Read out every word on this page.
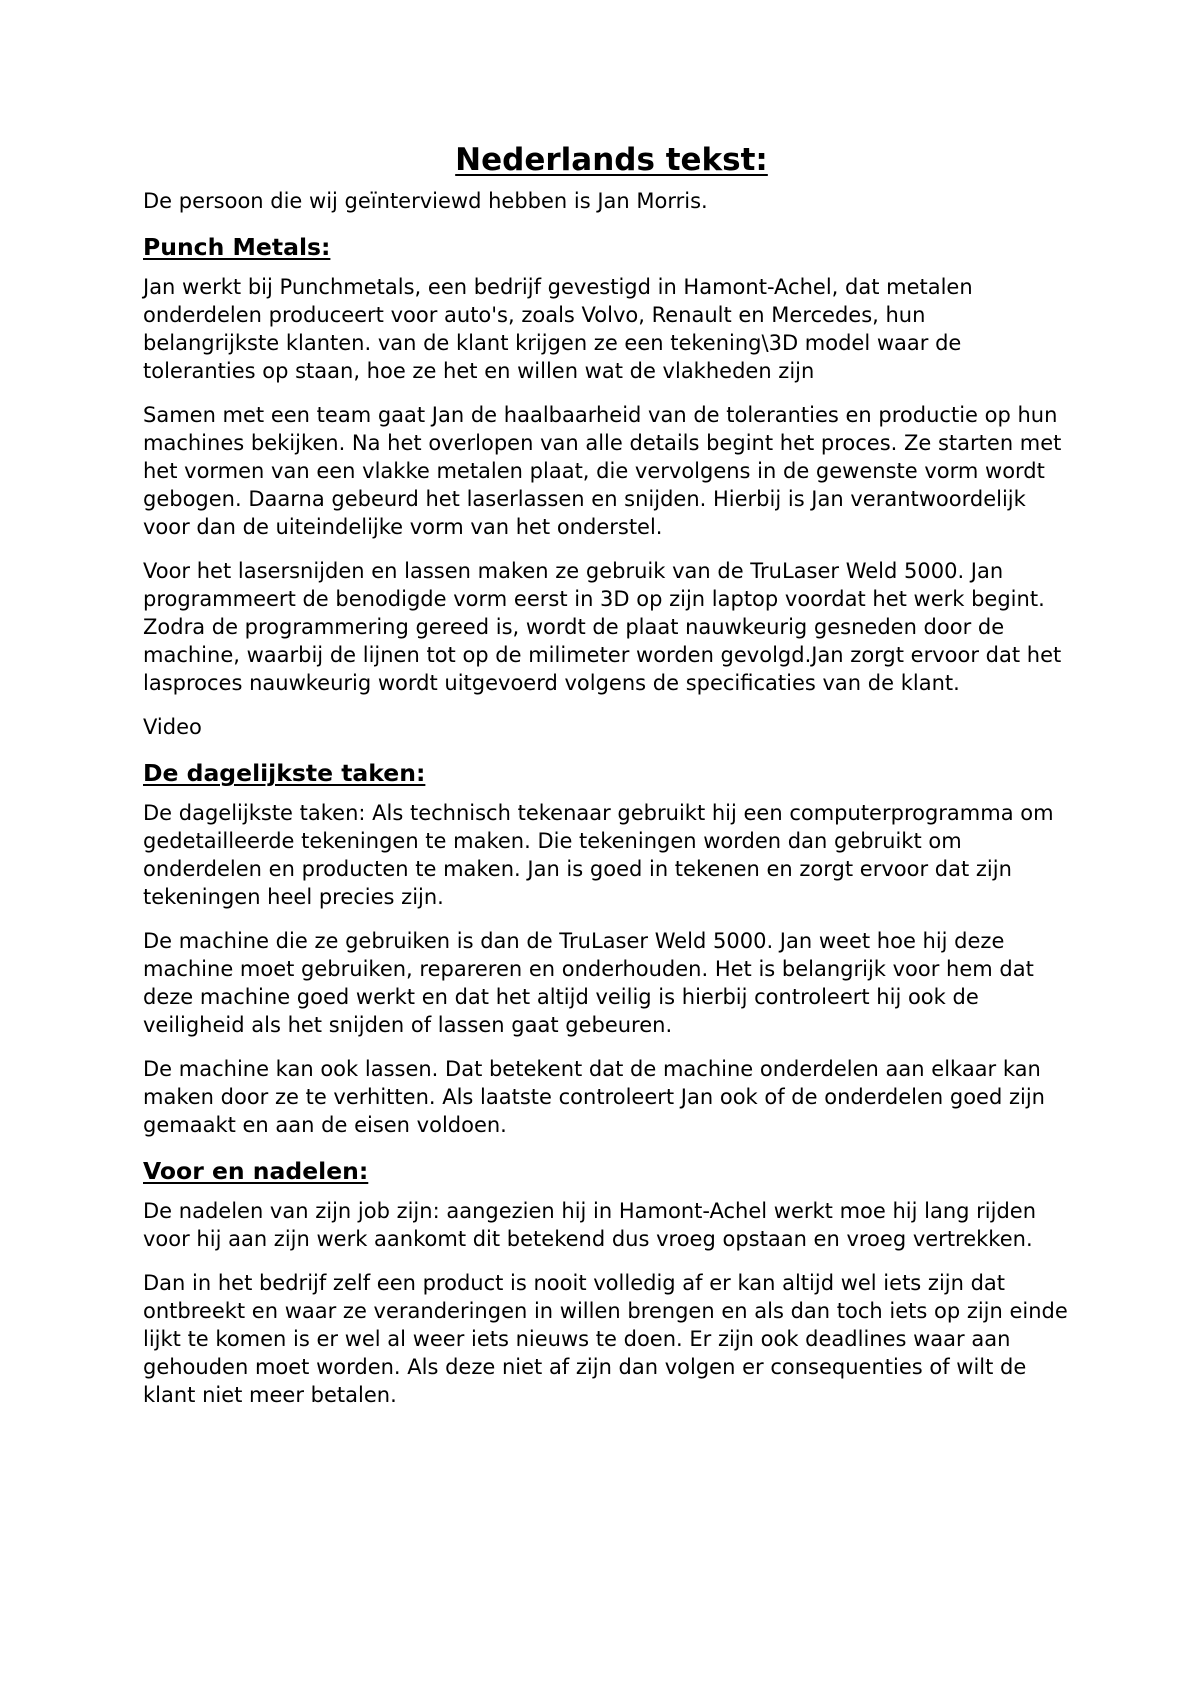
Nederlands tekst:

De persoon die wij geïnterviewd hebben is Jan Morris.

Punch Metals:

Jan werkt bij Punchmetals, een bedrijf gevestigd in Hamont-Achel, dat metalen onderdelen produceert voor auto's, zoals Volvo, Renault en Mercedes, hun belangrijkste klanten. van de klant krijgen ze een tekening\3D model waar de toleranties op staan, hoe ze het en willen wat de vlakheden zijn

Samen met een team gaat Jan de haalbaarheid van de toleranties en productie op hun machines bekijken. Na het overlopen van alle details begint het proces. Ze starten met het vormen van een vlakke metalen plaat, die vervolgens in de gewenste vorm wordt gebogen. Daarna gebeurd het laserlassen en snijden. Hierbij is Jan verantwoordelijk voor dan de uiteindelijke vorm van het onderstel.

Voor het lasersnijden en lassen maken ze gebruik van de TruLaser Weld 5000. Jan programmeert de benodigde vorm eerst in 3D op zijn laptop voordat het werk begint. Zodra de programmering gereed is, wordt de plaat nauwkeurig gesneden door de machine, waarbij de lijnen tot op de milimeter worden gevolgd.Jan zorgt ervoor dat het lasproces nauwkeurig wordt uitgevoerd volgens de specificaties van de klant.

Video

De dagelijkste taken:

De dagelijkste taken: Als technisch tekenaar gebruikt hij een computerprogramma om gedetailleerde tekeningen te maken. Die tekeningen worden dan gebruikt om onderdelen en producten te maken. Jan is goed in tekenen en zorgt ervoor dat zijn tekeningen heel precies zijn.

De machine die ze gebruiken is dan de TruLaser Weld 5000. Jan weet hoe hij deze machine moet gebruiken, repareren en onderhouden. Het is belangrijk voor hem dat deze machine goed werkt en dat het altijd veilig is hierbij controleert hij ook de veiligheid als het snijden of lassen gaat gebeuren.

De machine kan ook lassen. Dat betekent dat de machine onderdelen aan elkaar kan maken door ze te verhitten. Als laatste controleert Jan ook of de onderdelen goed zijn gemaakt en aan de eisen voldoen.

Voor en nadelen:

De nadelen van zijn job zijn: aangezien hij in Hamont-Achel werkt moe hij lang rijden voor hij aan zijn werk aankomt dit betekend dus vroeg opstaan en vroeg vertrekken.

Dan in het bedrijf zelf een product is nooit volledig af er kan altijd wel iets zijn dat ontbreekt en waar ze veranderingen in willen brengen en als dan toch iets op zijn einde lijkt te komen is er wel al weer iets nieuws te doen. Er zijn ook deadlines waar aan gehouden moet worden. Als deze niet af zijn dan volgen er consequenties of wilt de klant niet meer betalen.
